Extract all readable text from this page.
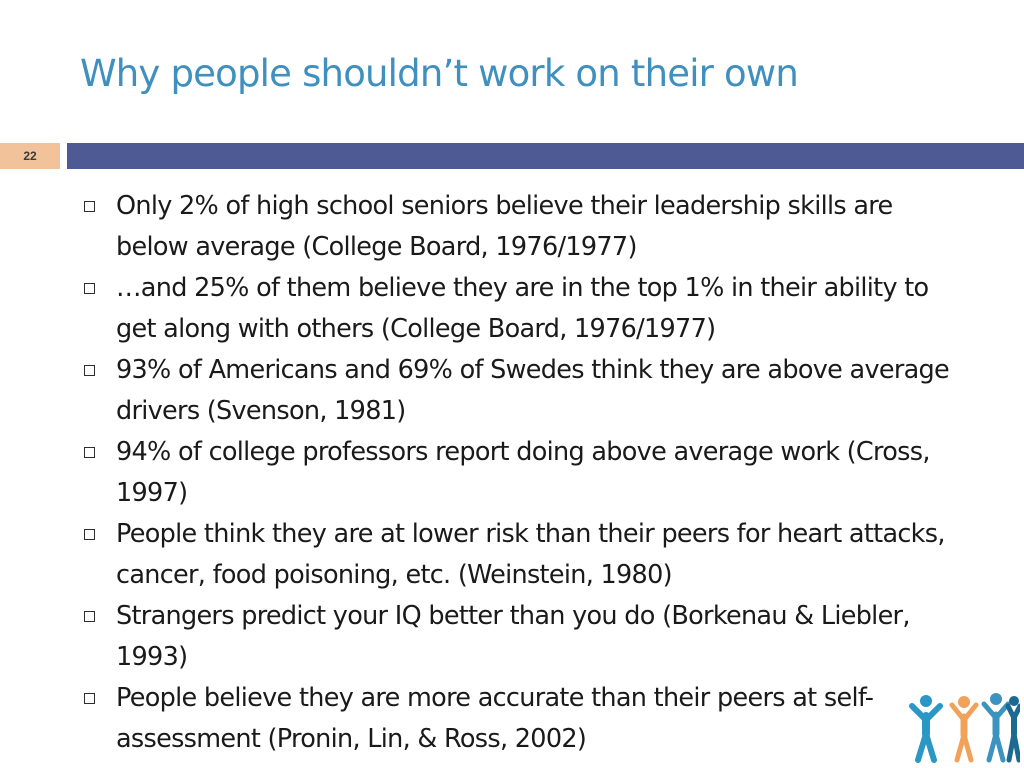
Why people shouldn’t work on their own
22
Only 2% of high school seniors believe their leadership skills are below average (College Board, 1976/1977)
…and 25% of them believe they are in the top 1% in their ability to get along with others (College Board, 1976/1977)
93% of Americans and 69% of Swedes think they are above average drivers (Svenson, 1981)
94% of college professors report doing above average work (Cross, 1997)
People think they are at lower risk than their peers for heart attacks, cancer, food poisoning, etc. (Weinstein, 1980)
Strangers predict your IQ better than you do (Borkenau & Liebler, 1993)
People believe they are more accurate than their peers at self-assessment (Pronin, Lin, & Ross, 2002)
